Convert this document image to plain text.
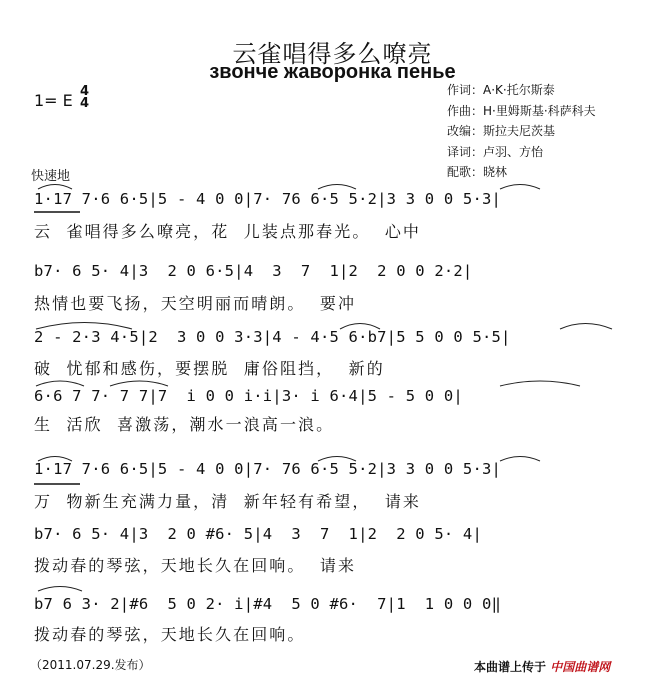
云雀唱得多么嘹亮
звонче жаворонка пенье
1= E 4
4
作词：A·K·托尔斯泰
作曲：H·里姆斯基·科萨科夫
改编：斯拉夫尼茨基
译词：卢羽、方怡
配歌：晓林
快速地
1·17 7·6 6·5|5 - 4 0 0|7· 76 6·5 5·2|3 3 0 0 5·3|
云  雀唱得多么嘹亮，花  儿装点那春光。  心中
b7· 6 5· 4|3  2 0 6·5|4  3  7  1|2  2 0 0 2·2|
热情也要飞扬，天空明丽而晴朗。  要冲
2 - 2·3 4·5|2  3 0 0 3·3|4 - 4·5 6·b7|5 5 0 0 5·5|
破  忧郁和感伤，要摆脱  庸俗阻挡，  新的
6·6 7 7· 7 7|7  i 0 0 i·i|3· i 6·4|5 - 5 0 0|
生  活欣  喜激荡，潮水一浪高一浪。
1·17 7·6 6·5|5 - 4 0 0|7· 76 6·5 5·2|3 3 0 0 5·3|
万  物新生充满力量，清  新年轻有希望，  请来
b7· 6 5· 4|3  2 0 #6· 5|4  3  7  1|2  2 0 5· 4|
拨动春的琴弦，天地长久在回响。  请来
b7 6 3· 2|#6  5 0 2· i|#4  5 0 #6·  7|1  1 0 0 0‖
拨动春的琴弦，天地长久在回响。
（2011.07.29.发布）	本曲谱上传于 中国曲谱网
